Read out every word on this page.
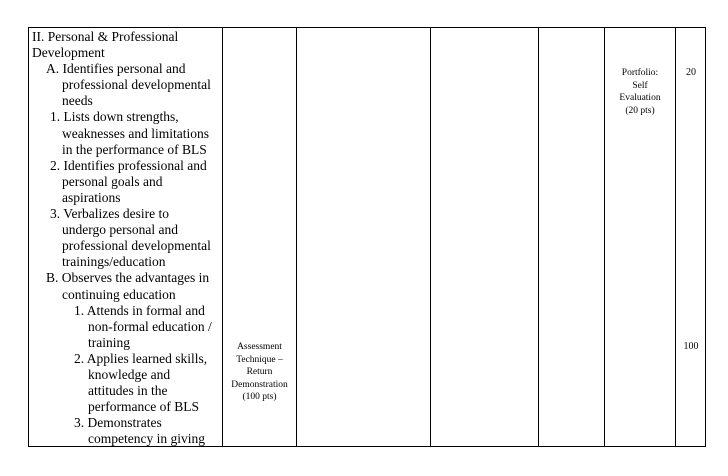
II. Personal & Professional
Development
A. Identifies personal and
professional developmental
needs
1. Lists down strengths,
weaknesses and limitations
in the performance of BLS
2. Identifies professional and
personal goals and
aspirations
3. Verbalizes desire to
undergo personal and
professional developmental
trainings/education
B. Observes the advantages in
continuing education
1. Attends in formal and
non-formal education /
training
2. Applies learned skills,
knowledge and
attitudes in the
performance of BLS
3. Demonstrates
competency in giving
Assessment
Technique –
Return
Demonstration
(100 pts)
Portfolio:
Self
Evaluation
(20 pts)
20
100
